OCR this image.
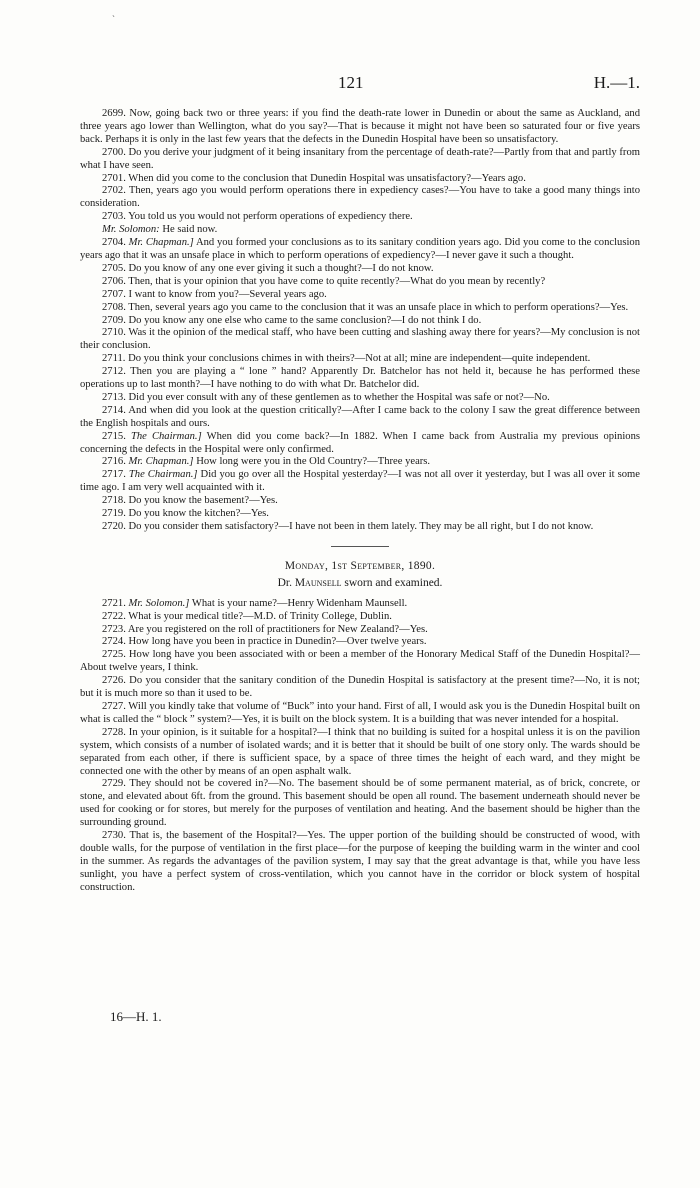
`
121	H.—1.

2699. Now, going back two or three years: if you find the death-rate lower in Dunedin or about the same as Auckland, and three years ago lower than Wellington, what do you say?—That is because it might not have been so saturated four or five years back. Perhaps it is only in the last few years that the defects in the Dunedin Hospital have been so unsatisfactory.

2700. Do you derive your judgment of it being insanitary from the percentage of death-rate?—Partly from that and partly from what I have seen.

2701. When did you come to the conclusion that Dunedin Hospital was unsatisfactory?—Years ago.

2702. Then, years ago you would perform operations there in expediency cases?—You have to take a good many things into consideration.

2703. You told us you would not perform operations of expediency there.

Mr. Solomon: He said now.

2704. Mr. Chapman.] And you formed your conclusions as to its sanitary condition years ago. Did you come to the conclusion years ago that it was an unsafe place in which to perform operations of expediency?—I never gave it such a thought.

2705. Do you know of any one ever giving it such a thought?—I do not know.

2706. Then, that is your opinion that you have come to quite recently?—What do you mean by recently?

2707. I want to know from you?—Several years ago.

2708. Then, several years ago you came to the conclusion that it was an unsafe place in which to perform operations?—Yes.

2709. Do you know any one else who came to the same conclusion?—I do not think I do.

2710. Was it the opinion of the medical staff, who have been cutting and slashing away there for years?—My conclusion is not their conclusion.

2711. Do you think your conclusions chimes in with theirs?—Not at all; mine are independent—quite independent.

2712. Then you are playing a “ lone ” hand? Apparently Dr. Batchelor has not held it, because he has performed these operations up to last month?—I have nothing to do with what Dr. Batchelor did.

2713. Did you ever consult with any of these gentlemen as to whether the Hospital was safe or not?—No.

2714. And when did you look at the question critically?—After I came back to the colony I saw the great difference between the English hospitals and ours.

2715. The Chairman.] When did you come back?—In 1882. When I came back from Australia my previous opinions concerning the defects in the Hospital were only confirmed.

2716. Mr. Chapman.] How long were you in the Old Country?—Three years.

2717. The Chairman.] Did you go over all the Hospital yesterday?—I was not all over it yesterday, but I was all over it some time ago. I am very well acquainted with it.

2718. Do you know the basement?—Yes.

2719. Do you know the kitchen?—Yes.

2720. Do you consider them satisfactory?—I have not been in them lately. They may be all right, but I do not know.

Monday, 1st September, 1890.
Dr. Maunsell sworn and examined.

2721. Mr. Solomon.] What is your name?—Henry Widenham Maunsell.

2722. What is your medical title?—M.D. of Trinity College, Dublin.

2723. Are you registered on the roll of practitioners for New Zealand?—Yes.

2724. How long have you been in practice in Dunedin?—Over twelve years.

2725. How long have you been associated with or been a member of the Honorary Medical Staff of the Dunedin Hospital?—About twelve years, I think.

2726. Do you consider that the sanitary condition of the Dunedin Hospital is satisfactory at the present time?—No, it is not; but it is much more so than it used to be.

2727. Will you kindly take that volume of “Buck” into your hand. First of all, I would ask you is the Dunedin Hospital built on what is called the “ block ” system?—Yes, it is built on the block system. It is a building that was never intended for a hospital.

2728. In your opinion, is it suitable for a hospital?—I think that no building is suited for a hospital unless it is on the pavilion system, which consists of a number of isolated wards; and it is better that it should be built of one story only. The wards should be separated from each other, if there is sufficient space, by a space of three times the height of each ward, and they might be connected one with the other by means of an open asphalt walk.

2729. They should not be covered in?—No. The basement should be of some permanent material, as of brick, concrete, or stone, and elevated about 6ft. from the ground. This basement should be open all round. The basement underneath should never be used for cooking or for stores, but merely for the purposes of ventilation and heating. And the basement should be higher than the surrounding ground.

2730. That is, the basement of the Hospital?—Yes. The upper portion of the building should be constructed of wood, with double walls, for the purpose of ventilation in the first place—for the purpose of keeping the building warm in the winter and cool in the summer. As regards the advantages of the pavilion system, I may say that the great advantage is that, while you have less sunlight, you have a perfect system of cross-ventilation, which you cannot have in the corridor or block system of hospital construction.

16—H. 1.
